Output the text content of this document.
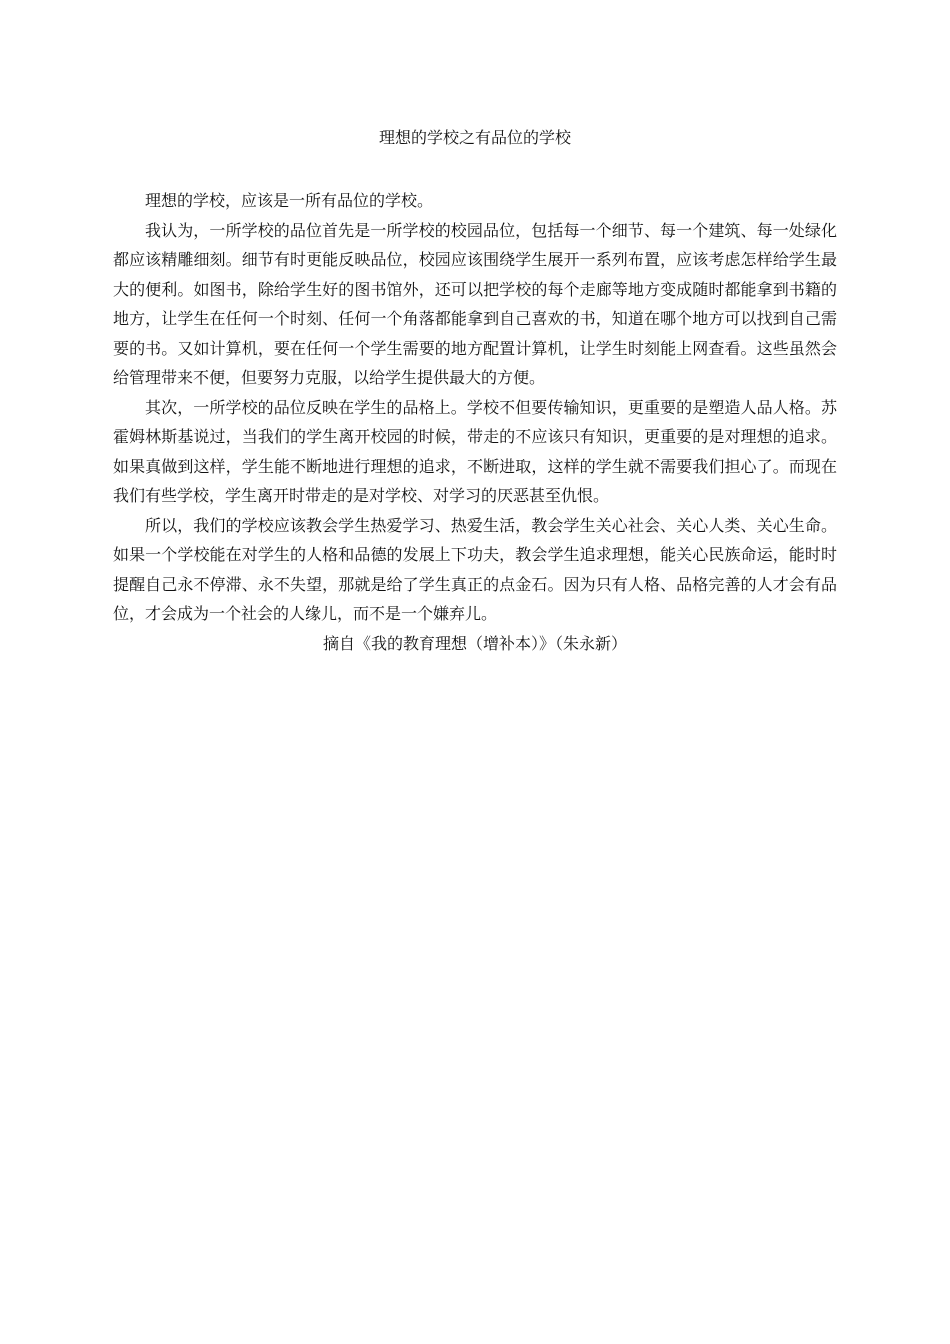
理想的学校之有品位的学校

理想的学校，应该是一所有品位的学校。

我认为，一所学校的品位首先是一所学校的校园品位，包括每一个细节、每一个建筑、每一处绿化都应该精雕细刻。细节有时更能反映品位，校园应该围绕学生展开一系列布置，应该考虑怎样给学生最大的便利。如图书，除给学生好的图书馆外，还可以把学校的每个走廊等地方变成随时都能拿到书籍的地方，让学生在任何一个时刻、任何一个角落都能拿到自己喜欢的书，知道在哪个地方可以找到自己需要的书。又如计算机，要在任何一个学生需要的地方配置计算机，让学生时刻能上网查看。这些虽然会给管理带来不便，但要努力克服，以给学生提供最大的方便。

其次，一所学校的品位反映在学生的品格上。学校不但要传输知识，更重要的是塑造人品人格。苏霍姆林斯基说过，当我们的学生离开校园的时候，带走的不应该只有知识，更重要的是对理想的追求。如果真做到这样，学生能不断地进行理想的追求，不断进取，这样的学生就不需要我们担心了。而现在我们有些学校，学生离开时带走的是对学校、对学习的厌恶甚至仇恨。

所以，我们的学校应该教会学生热爱学习、热爱生活，教会学生关心社会、关心人类、关心生命。如果一个学校能在对学生的人格和品德的发展上下功夫，教会学生追求理想，能关心民族命运，能时时提醒自己永不停滞、永不失望，那就是给了学生真正的点金石。因为只有人格、品格完善的人才会有品位，才会成为一个社会的人缘儿，而不是一个嫌弃儿。

摘自《我的教育理想（增补本）》（朱永新）
